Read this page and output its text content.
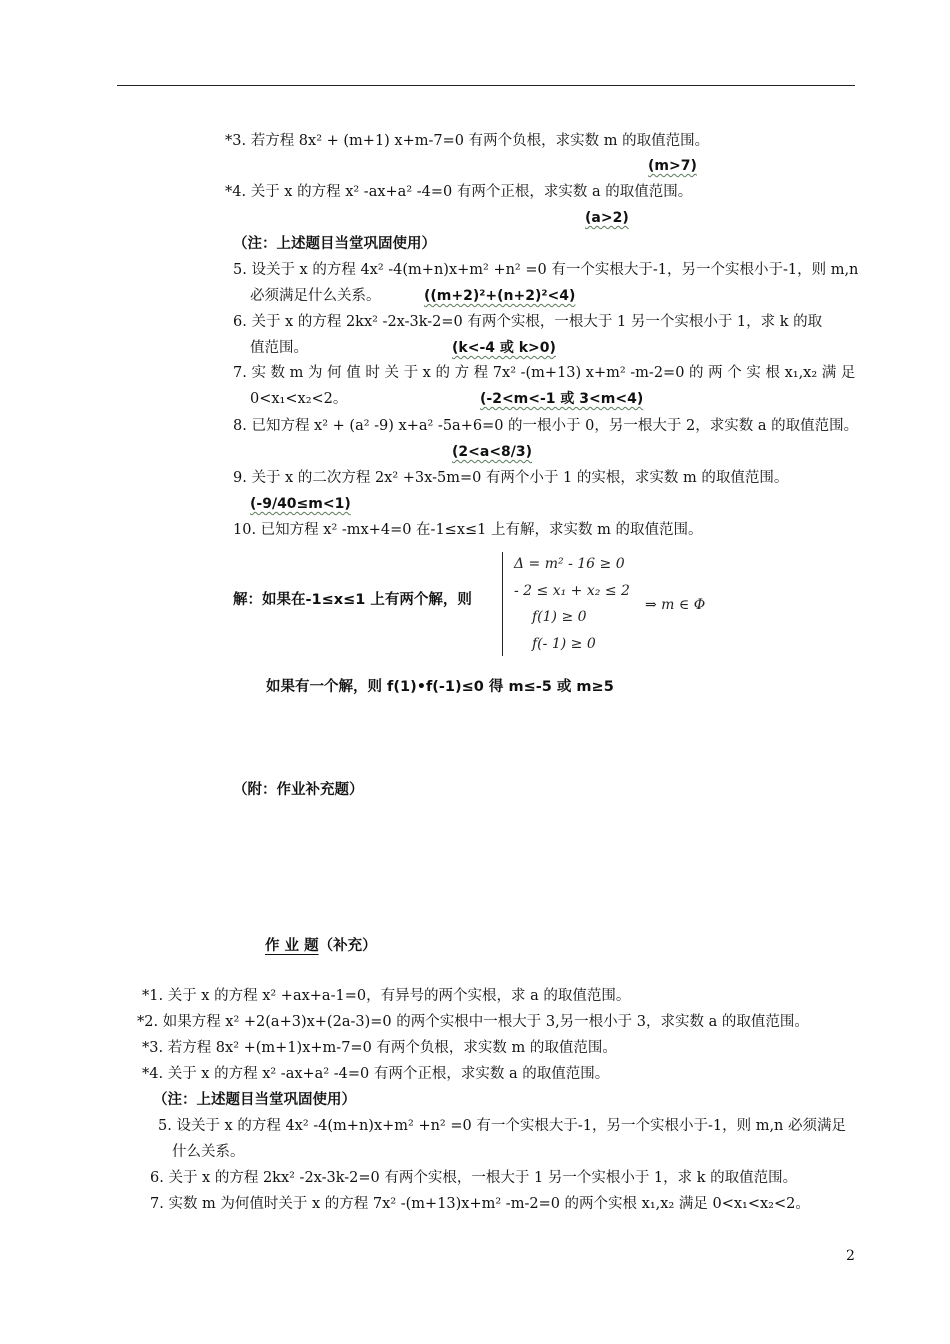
*3. 若方程 8x² + (m+1) x+m-7=0 有两个负根，求实数 m 的取值范围。
(m>7)
*4. 关于 x 的方程 x² -ax+a² -4=0 有两个正根，求实数 a 的取值范围。
(a>2)
（注：上述题目当堂巩固使用）
5. 设关于 x 的方程 4x² -4(m+n)x+m² +n² =0 有一个实根大于-1，另一个实根小于-1，则 m,n
必须满足什么关系。	((m+2)²+(n+2)²<4)
6. 关于 x 的方程 2kx² -2x-3k-2=0 有两个实根，一根大于 1 另一个实根小于 1，求 k 的取
值范围。	(k<-4 或 k>0)
7. 实 数 m 为 何 值 时 关 于 x 的 方 程 7x² -(m+13) x+m² -m-2=0 的 两 个 实 根 x₁,x₂ 满 足
0<x₁<x₂<2。	(-2<m<-1 或 3<m<4)
8. 已知方程 x² + (a² -9) x+a² -5a+6=0 的一根小于 0，另一根大于 2，求实数 a 的取值范围。
(2<a<8/3)
9. 关于 x 的二次方程 2x² +3x-5m=0 有两个小于 1 的实根，求实数 m 的取值范围。
(-9/40≤m<1)
10. 已知方程 x² -mx+4=0 在-1≤x≤1 上有解，求实数 m 的取值范围。
解：如果在-1≤x≤1 上有两个解，则
Δ = m² - 16 ≥ 0
- 2 ≤ x₁ + x₂ ≤ 2
f(1) ≥ 0
f(- 1) ≥ 0
⇒ m ∈ Φ
如果有一个解，则 f(1)•f(-1)≤0 得 m≤-5 或 m≥5
（附：作业补充题）
作 业 题（补充）
*1. 关于 x 的方程 x² +ax+a-1=0，有异号的两个实根，求 a 的取值范围。
*2. 如果方程 x² +2(a+3)x+(2a-3)=0 的两个实根中一根大于 3,另一根小于 3，求实数 a 的取值范围。
*3. 若方程 8x² +(m+1)x+m-7=0 有两个负根，求实数 m 的取值范围。
*4. 关于 x 的方程 x² -ax+a² -4=0 有两个正根，求实数 a 的取值范围。
（注：上述题目当堂巩固使用）
5. 设关于 x 的方程 4x² -4(m+n)x+m² +n² =0 有一个实根大于-1，另一个实根小于-1，则 m,n 必须满足
什么关系。
6. 关于 x 的方程 2kx² -2x-3k-2=0 有两个实根，一根大于 1 另一个实根小于 1，求 k 的取值范围。
7. 实数 m 为何值时关于 x 的方程 7x² -(m+13)x+m² -m-2=0 的两个实根 x₁,x₂ 满足 0<x₁<x₂<2。
2
